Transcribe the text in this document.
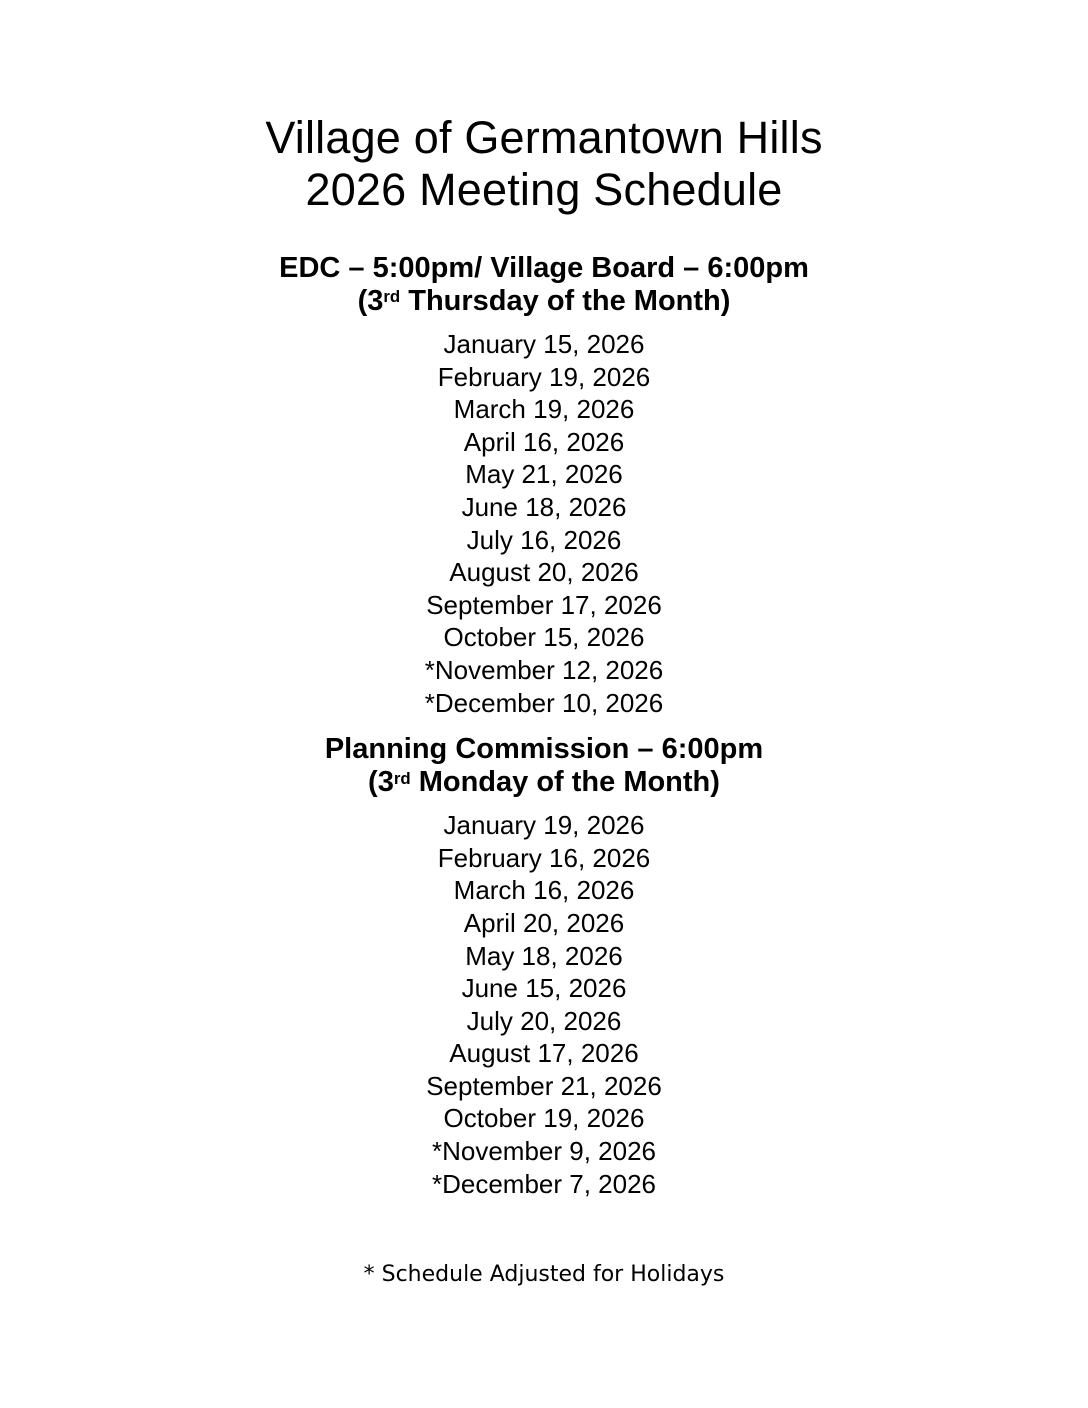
Village of Germantown Hills
2026 Meeting Schedule
EDC – 5:00pm/ Village Board – 6:00pm
(3rd Thursday of the Month)
January 15, 2026
February 19, 2026
March 19, 2026
April 16, 2026
May 21, 2026
June 18, 2026
July 16, 2026
August 20, 2026
September 17, 2026
October 15, 2026
*November 12, 2026
*December 10, 2026
Planning Commission – 6:00pm
(3rd Monday of the Month)
January 19, 2026
February 16, 2026
March 16, 2026
April 20, 2026
May 18, 2026
June 15, 2026
July 20, 2026
August 17, 2026
September 21, 2026
October 19, 2026
*November 9, 2026
*December 7, 2026

* Schedule Adjusted for Holidays
